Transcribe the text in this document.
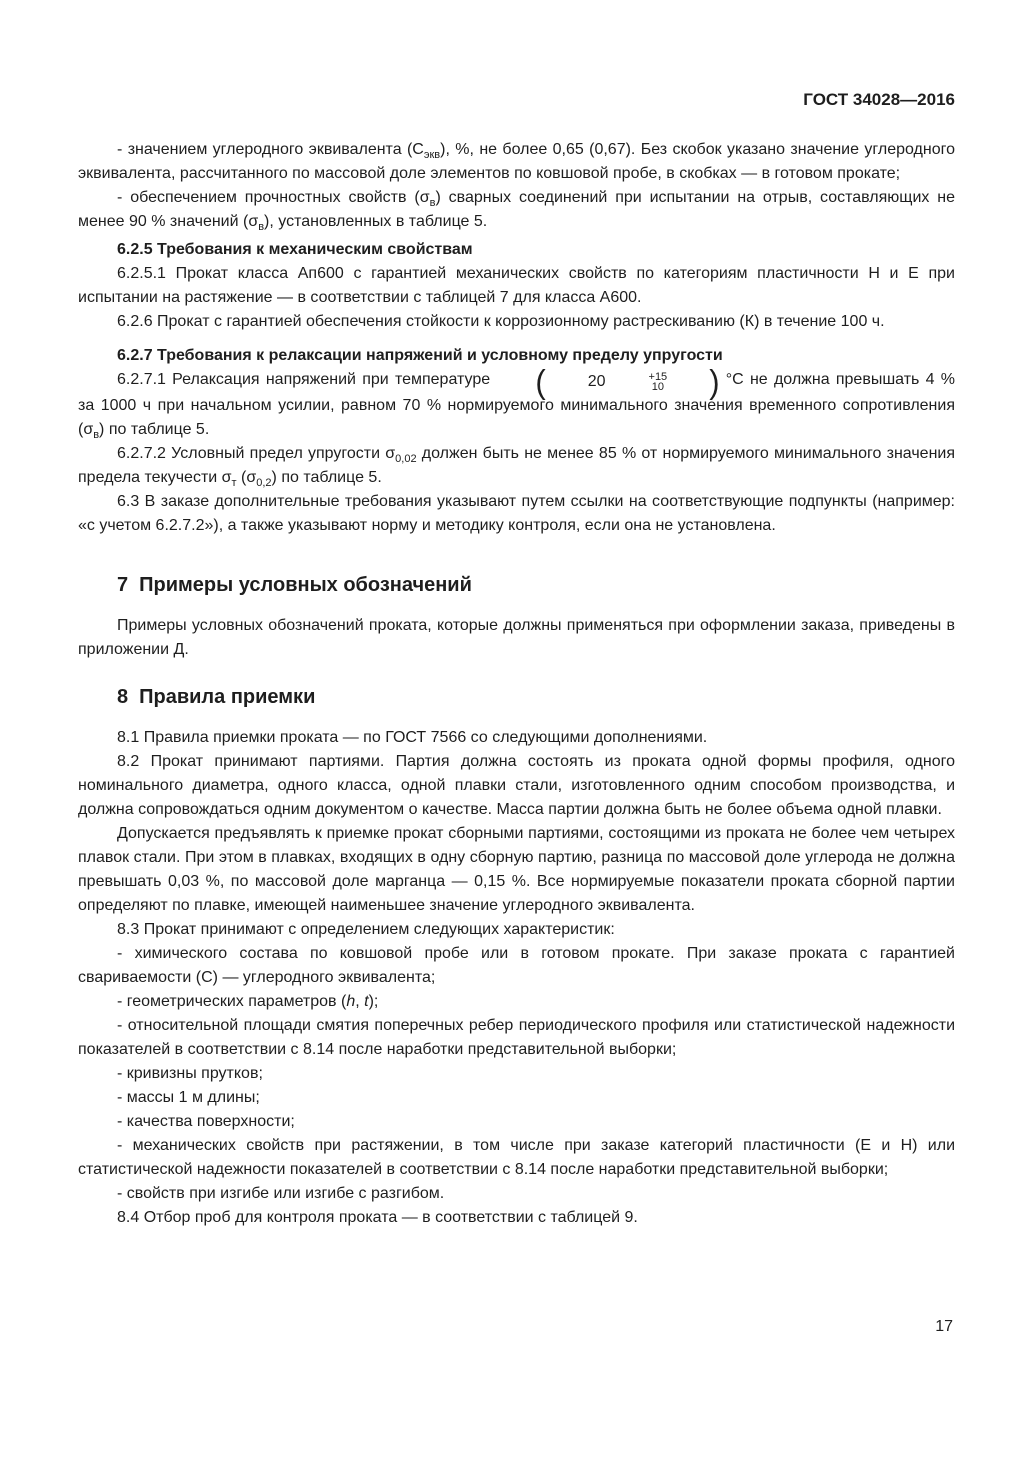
ГОСТ 34028—2016

- значением углеродного эквивалента $(С_{экв})$, %, не более 0,65 (0,67). Без скобок указано значение углеродного эквивалента, рассчитанного по массовой доле элементов по ковшовой пробе, в скобках — в готовом прокате;

- обеспечением прочностных свойств $(\sigma_в)$ сварных соединений при испытании на отрыв, составляющих не менее 90 % значений $(\sigma_в)$, установленных в таблице 5.

6.2.5 Требования к механическим свойствам

6.2.5.1 Прокат класса Ап600 с гарантией механических свойств по категориям пластичности Н и Е при испытании на растяжение — в соответствии с таблицей 7 для класса А600.

6.2.6 Прокат с гарантией обеспечения стойкости к коррозионному растрескиванию (К) в течение 100 ч.

6.2.7 Требования к релаксации напряжений и условному пределу упругости

6.2.7.1 Релаксация напряжений при температуре	(	20	+15
10	) °С не должна превышать 4 % за 1000 ч при начальном усилии, равном 70 % нормируемого минимального значения временного сопротивления $(\sigma_в)$ по таблице 5.

6.2.7.2 Условный предел упругости $\sigma_{0,02}$ должен быть не менее 85 % от нормируемого минимального значения предела текучести $\sigma_т$ $(\sigma_{0,2})$ по таблице 5.

6.3 В заказе дополнительные требования указывают путем ссылки на соответствующие подпункты (например: «с учетом 6.2.7.2»), а также указывают норму и методику контроля, если она не установлена.

7 Примеры условных обозначений

Примеры условных обозначений проката, которые должны применяться при оформлении заказа, приведены в приложении Д.

8 Правила приемки

8.1 Правила приемки проката — по ГОСТ 7566 со следующими дополнениями.

8.2 Прокат принимают партиями. Партия должна состоять из проката одной формы профиля, одного номинального диаметра, одного класса, одной плавки стали, изготовленного одним способом производства, и должна сопровождаться одним документом о качестве. Масса партии должна быть не более объема одной плавки.

Допускается предъявлять к приемке прокат сборными партиями, состоящими из проката не более чем четырех плавок стали. При этом в плавках, входящих в одну сборную партию, разница по массовой доле углерода не должна превышать 0,03 %, по массовой доле марганца — 0,15 %. Все нормируемые показатели проката сборной партии определяют по плавке, имеющей наименьшее значение углеродного эквивалента.

8.3 Прокат принимают с определением следующих характеристик:

- химического состава по ковшовой пробе или в готовом прокате. При заказе проката с гарантией свариваемости (С) — углеродного эквивалента;

- геометрических параметров (h, t);

- относительной площади смятия поперечных ребер периодического профиля или статистической надежности показателей в соответствии с 8.14 после наработки представительной выборки;

- кривизны прутков;

- массы 1 м длины;

- качества поверхности;

- механических свойств при растяжении, в том числе при заказе категорий пластичности (Е и Н) или статистической надежности показателей в соответствии с 8.14 после наработки представительной выборки;

- свойств при изгибе или изгибе с разгибом.

8.4 Отбор проб для контроля проката — в соответствии с таблицей 9.

17
